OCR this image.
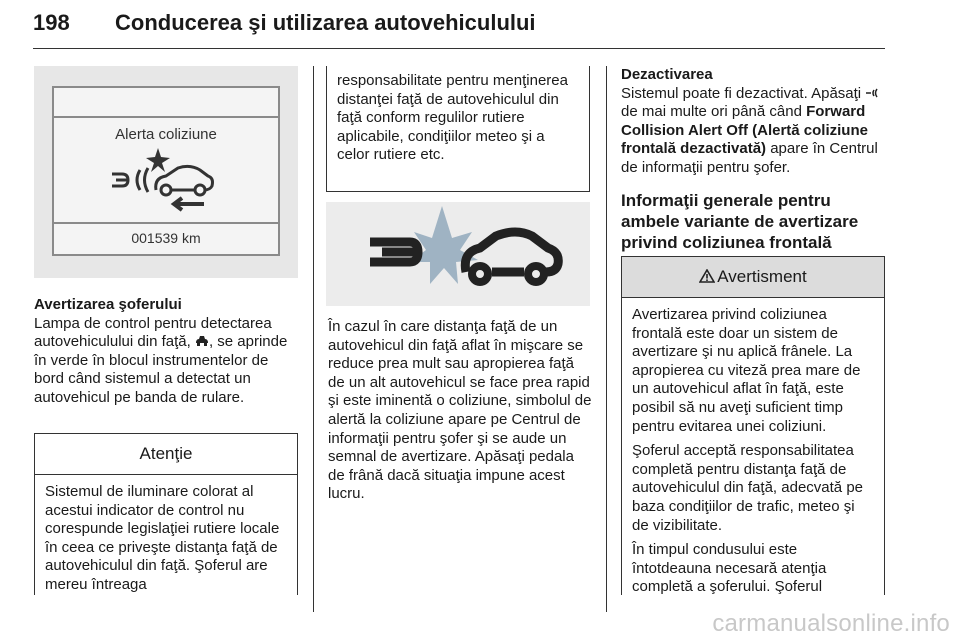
198 Conducerea şi utilizarea autovehiculului
Alerta coliziune
001539 km

Avertizarea şoferului

Lampa de control pentru detectarea autovehiculului din faţă, , se aprinde în verde în blocul instrumentelor de bord când sistemul a detectat un autovehicul pe banda de rulare.

Atenţie

Sistemul de iluminare colorat al acestui indicator de control nu corespunde legislaţiei rutiere locale în ceea ce priveşte distanţa faţă de autovehiculul din faţă. Şoferul are mereu întreaga

responsabilitate pentru menţinerea distanţei faţă de autovehiculul din faţă conform regulilor rutiere aplicabile, condiţiilor meteo şi a celor rutiere etc.

În cazul în care distanţa faţă de un autovehicul din faţă aflat în mişcare se reduce prea mult sau apropierea faţă de un alt autovehicul se face prea rapid şi este iminentă o coliziune, simbolul de alertă la coliziune apare pe Centrul de informaţii pentru şofer şi se aude un semnal de avertizare. Apăsaţi pedala de frână dacă situaţia impune acest lucru.

Dezactivarea

Sistemul poate fi dezactivat. Apăsaţi  de mai multe ori până când Forward Collision Alert Off (Alertă coliziune frontală dezactivată) apare în Centrul de informaţii pentru şofer.

Informaţii generale pentru ambele variante de avertizare privind coliziunea frontală

Avertisment

Avertizarea privind coliziunea frontală este doar un sistem de avertizare şi nu aplică frânele. La apropierea cu viteză prea mare de un autovehicul aflat în faţă, este posibil să nu aveţi suficient timp pentru evitarea unei coliziuni.

Şoferul acceptă responsabilitatea completă pentru distanţa faţă de autovehiculul din faţă, adecvată pe baza condiţiilor de trafic, meteo şi de vizibilitate.

În timpul condusului este întotdeauna necesară atenţia completă a şoferului. Şoferul

carmanualsonline.info
